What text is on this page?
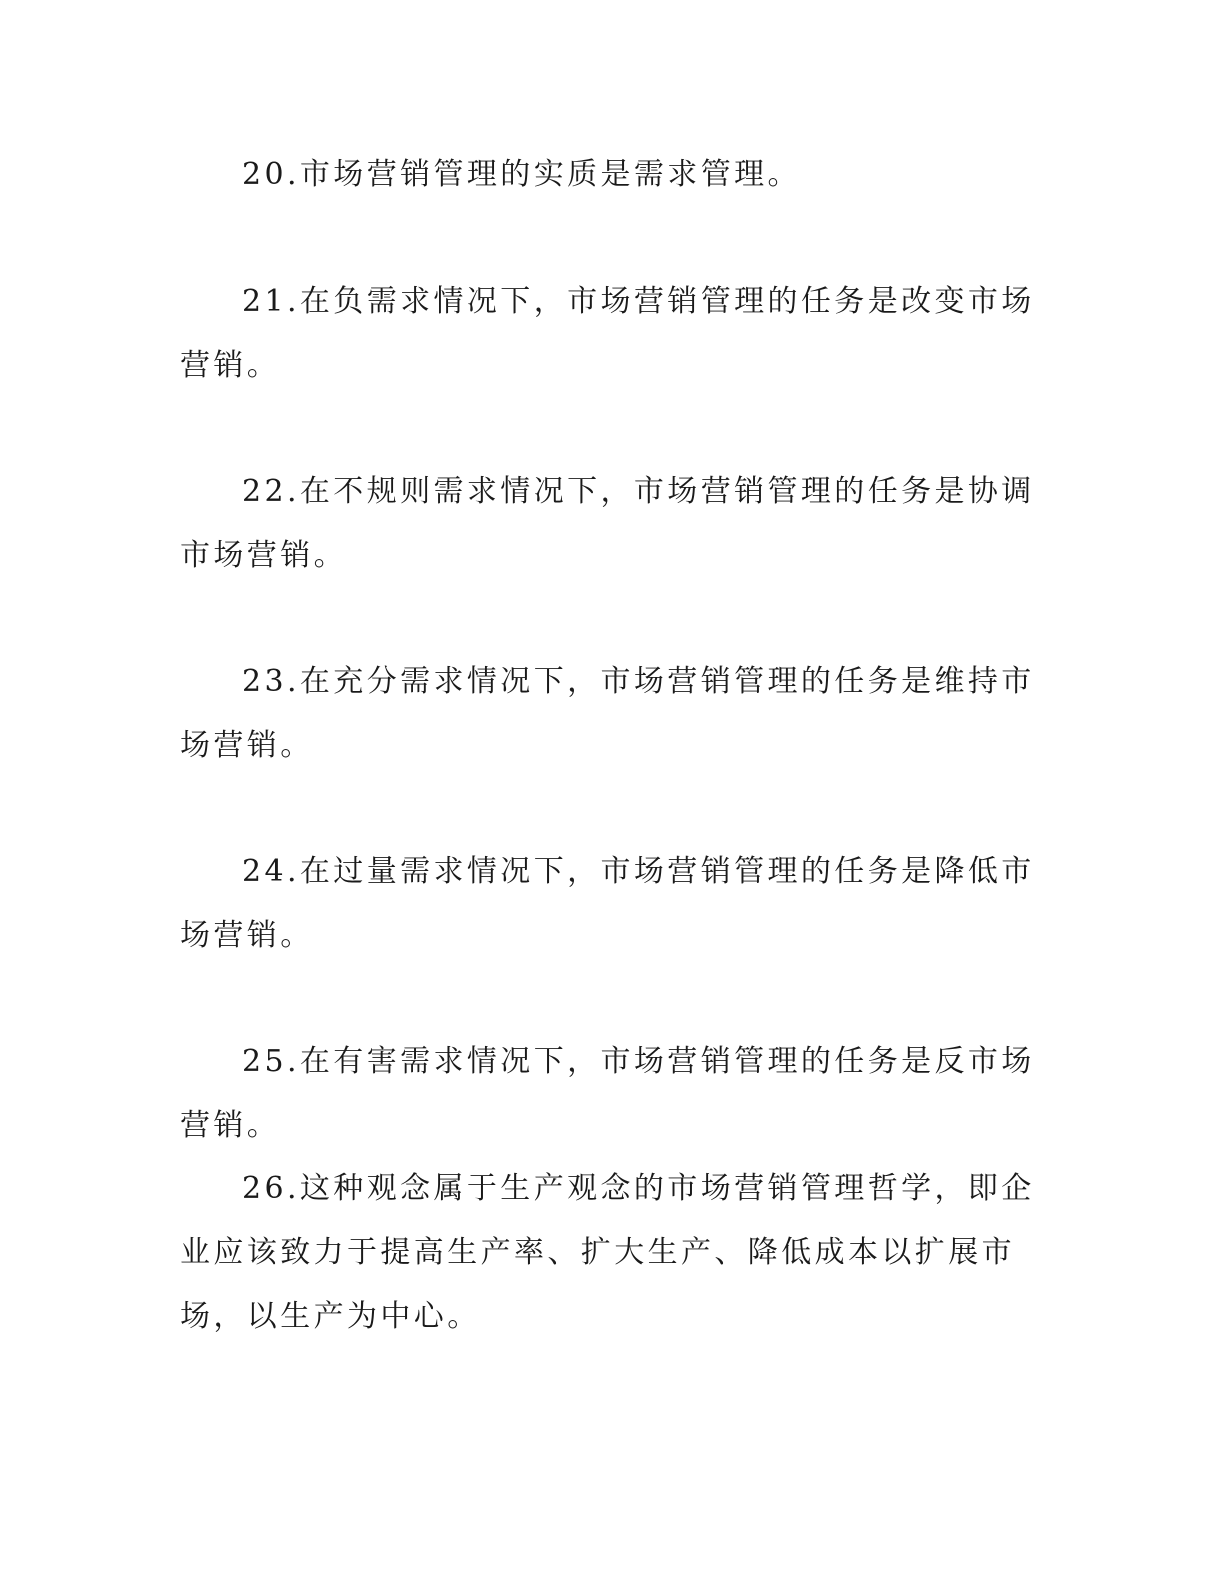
20.市场营销管理的实质是需求管理。

21.在负需求情况下，市场营销管理的任务是改变市场营销。

22.在不规则需求情况下，市场营销管理的任务是协调市场营销。

23.在充分需求情况下，市场营销管理的任务是维持市场营销。

24.在过量需求情况下，市场营销管理的任务是降低市场营销。

25.在有害需求情况下，市场营销管理的任务是反市场营销。

26.这种观念属于生产观念的市场营销管理哲学，即企业应该致力于提高生产率、扩大生产、降低成本以扩展市场，以生产为中心。
